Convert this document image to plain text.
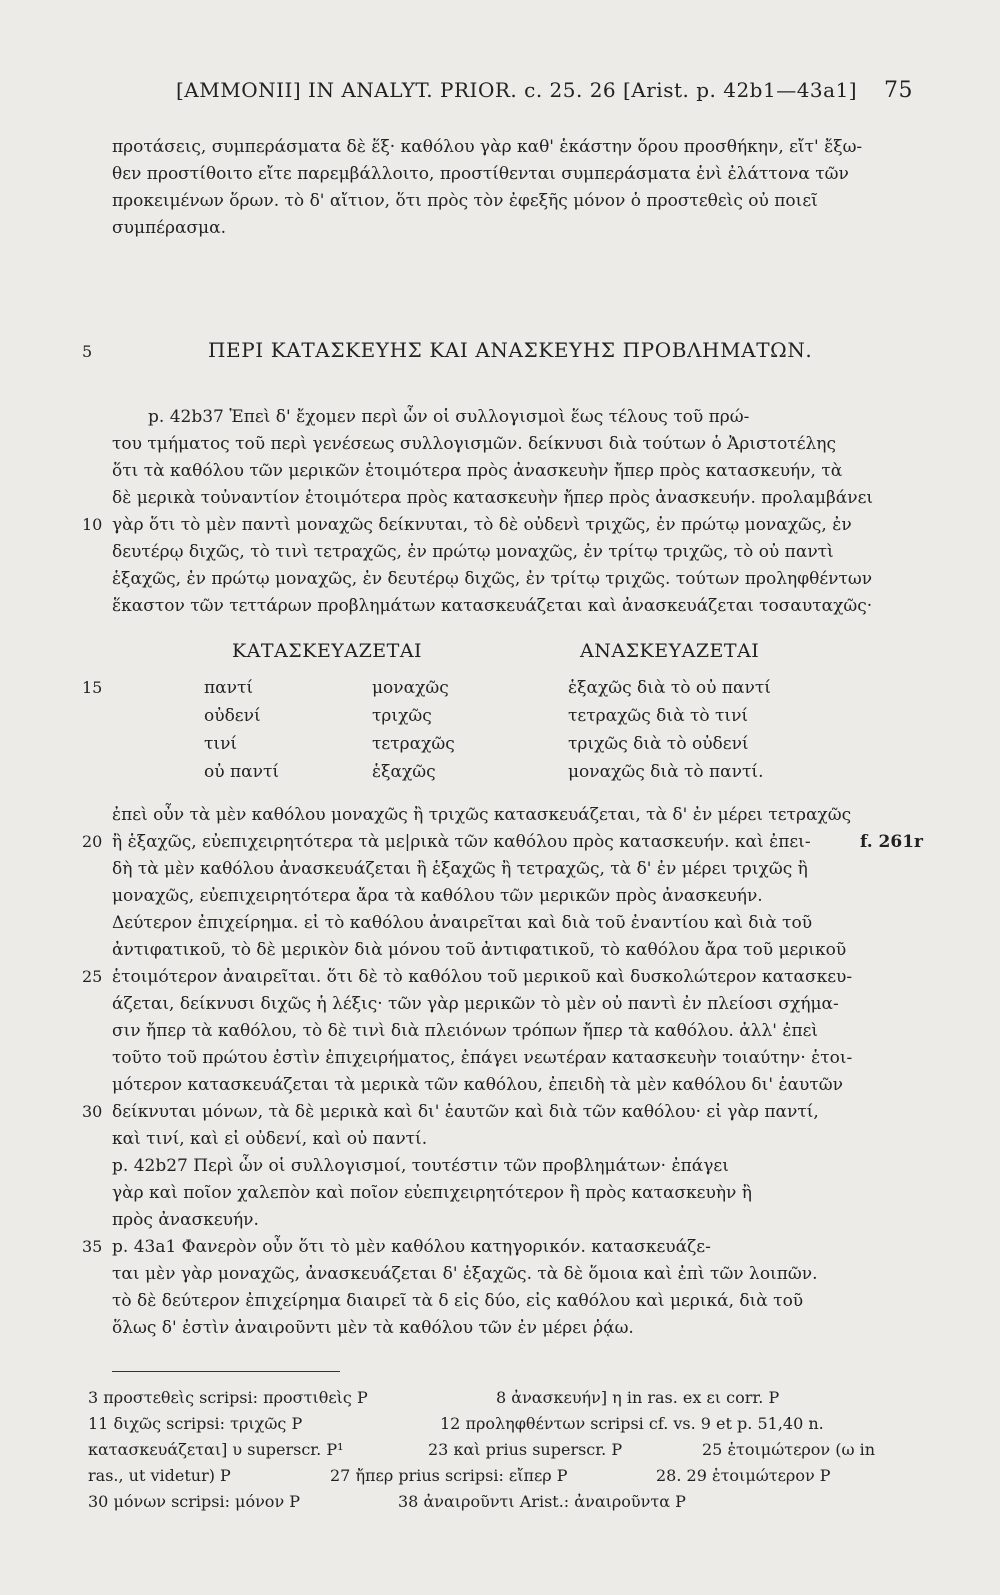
[AMMONII] IN ANALYT. PRIOR. c. 25. 26 [Arist. p. 42b1—43a1] 75
προτάσεις, συμπεράσματα δὲ ἕξ· καθόλου γὰρ καθ' ἑκάστην ὅρου προσθήκην, εἴτ' ἔξω-
θεν προστίθοιτο εἴτε παρεμβάλλοιτο, προστίθενται συμπεράσματα ἑνὶ ἐλάττονα τῶν
προκειμένων ὅρων. τὸ δ' αἴτιον, ὅτι πρὸς τὸν ἐφεξῆς μόνον ὁ προστεθεὶς οὐ ποιεῖ
συμπέρασμα.
5	ΠΕΡΙ ΚΑΤΑΣΚΕΥΗΣ ΚΑΙ ΑΝΑΣΚΕΥΗΣ ΠΡΟΒΛΗΜΑΤΩΝ.
p. 42b37 Ἐπεὶ δ' ἔχομεν περὶ ὧν οἱ συλλογισμοὶ ἕως τέλους τοῦ πρώ-
του τμήματος τοῦ περὶ γενέσεως συλλογισμῶν. δείκνυσι διὰ τούτων ὁ Ἀριστοτέλης
ὅτι τὰ καθόλου τῶν μερικῶν ἑτοιμότερα πρὸς ἀνασκευὴν ἤπερ πρὸς κατασκευήν, τὰ
δὲ μερικὰ τοὐναντίον ἑτοιμότερα πρὸς κατασκευὴν ἤπερ πρὸς ἀνασκευήν. προλαμβάνει
10 γὰρ ὅτι τὸ μὲν παντὶ μοναχῶς δείκνυται, τὸ δὲ οὐδενὶ τριχῶς, ἐν πρώτῳ μοναχῶς, ἐν
δευτέρῳ διχῶς, τὸ τινὶ τετραχῶς, ἐν πρώτῳ μοναχῶς, ἐν τρίτῳ τριχῶς, τὸ οὐ παντὶ
ἑξαχῶς, ἐν πρώτῳ μοναχῶς, ἐν δευτέρῳ διχῶς, ἐν τρίτῳ τριχῶς. τούτων προληφθέντων
ἕκαστον τῶν τεττάρων προβλημάτων κατασκευάζεται καὶ ἀνασκευάζεται τοσαυταχῶς·
ΚΑΤΑΣΚΕΥΑΖΕΤΑΙ	ΑΝΑΣΚΕΥΑΖΕΤΑΙ
15	παντί	μοναχῶς	ἑξαχῶς διὰ τὸ οὐ παντί
οὐδενί	τριχῶς	τετραχῶς διὰ τὸ τινί
τινί	τετραχῶς	τριχῶς διὰ τὸ οὐδενί
οὐ παντί	ἑξαχῶς	μοναχῶς διὰ τὸ παντί.
ἐπεὶ οὖν τὰ μὲν καθόλου μοναχῶς ἢ τριχῶς κατασκευάζεται, τὰ δ' ἐν μέρει τετραχῶς
20 ἢ ἑξαχῶς, εὐεπιχειρητότερα τὰ με|ρικὰ τῶν καθόλου πρὸς κατασκευήν. καὶ ἐπει-	f. 261r
δὴ τὰ μὲν καθόλου ἀνασκευάζεται ἢ ἑξαχῶς ἢ τετραχῶς, τὰ δ' ἐν μέρει τριχῶς ἢ
μοναχῶς, εὐεπιχειρητότερα ἄρα τὰ καθόλου τῶν μερικῶν πρὸς ἀνασκευήν.
Δεύτερον ἐπιχείρημα. εἰ τὸ καθόλου ἀναιρεῖται καὶ διὰ τοῦ ἐναντίου καὶ διὰ τοῦ
ἀντιφατικοῦ, τὸ δὲ μερικὸν διὰ μόνου τοῦ ἀντιφατικοῦ, τὸ καθόλου ἄρα τοῦ μερικοῦ
25 ἑτοιμότερον ἀναιρεῖται. ὅτι δὲ τὸ καθόλου τοῦ μερικοῦ καὶ δυσκολώτερον κατασκευ-
άζεται, δείκνυσι διχῶς ἡ λέξις· τῶν γὰρ μερικῶν τὸ μὲν οὐ παντὶ ἐν πλείοσι σχήμα-
σιν ἤπερ τὰ καθόλου, τὸ δὲ τινὶ διὰ πλειόνων τρόπων ἤπερ τὰ καθόλου. ἀλλ' ἐπεὶ
τοῦτο τοῦ πρώτου ἐστὶν ἐπιχειρήματος, ἐπάγει νεωτέραν κατασκευὴν τοιαύτην· ἑτοι-
μότερον κατασκευάζεται τὰ μερικὰ τῶν καθόλου, ἐπειδὴ τὰ μὲν καθόλου δι' ἑαυτῶν
30 δείκνυται μόνων, τὰ δὲ μερικὰ καὶ δι' ἑαυτῶν καὶ διὰ τῶν καθόλου· εἰ γὰρ παντί,
καὶ τινί, καὶ εἰ οὐδενί, καὶ οὐ παντί.
p. 42b27 Περὶ ὧν οἱ συλλογισμοί, τουτέστιν τῶν προβλημάτων· ἐπάγει
γὰρ καὶ ποῖον χαλεπὸν καὶ ποῖον εὐεπιχειρητότερον ἢ πρὸς κατασκευὴν ἢ
πρὸς ἀνασκευήν.
35 p. 43a1 Φανερὸν οὖν ὅτι τὸ μὲν καθόλου κατηγορικόν. κατασκευάζε-
ται μὲν γὰρ μοναχῶς, ἀνασκευάζεται δ' ἑξαχῶς. τὰ δὲ ὅμοια καὶ ἐπὶ τῶν λοιπῶν.
τὸ δὲ δεύτερον ἐπιχείρημα διαιρεῖ τὰ δ εἰς δύο, εἰς καθόλου καὶ μερικά, διὰ τοῦ
ὅλως δ' ἐστὶν ἀναιροῦντι μὲν τὰ καθόλου τῶν ἐν μέρει ῥᾴω.
3 προστεθεὶς scripsi: προστιθεὶς P	8 ἀνασκευήν] η in ras. ex ει corr. P
11 διχῶς scripsi: τριχῶς P	12 προληφθέντων scripsi cf. vs. 9 et p. 51,40 n.
κατασκευάζεται] υ superscr. P¹	23 καὶ prius superscr. P	25 ἑτοιμώτερον (ω in
ras., ut videtur) P	27 ἤπερ prius scripsi: εἴπερ P	28. 29 ἑτοιμώτερον P
30 μόνων scripsi: μόνον P	38 ἀναιροῦντι Arist.: ἀναιροῦντα P
